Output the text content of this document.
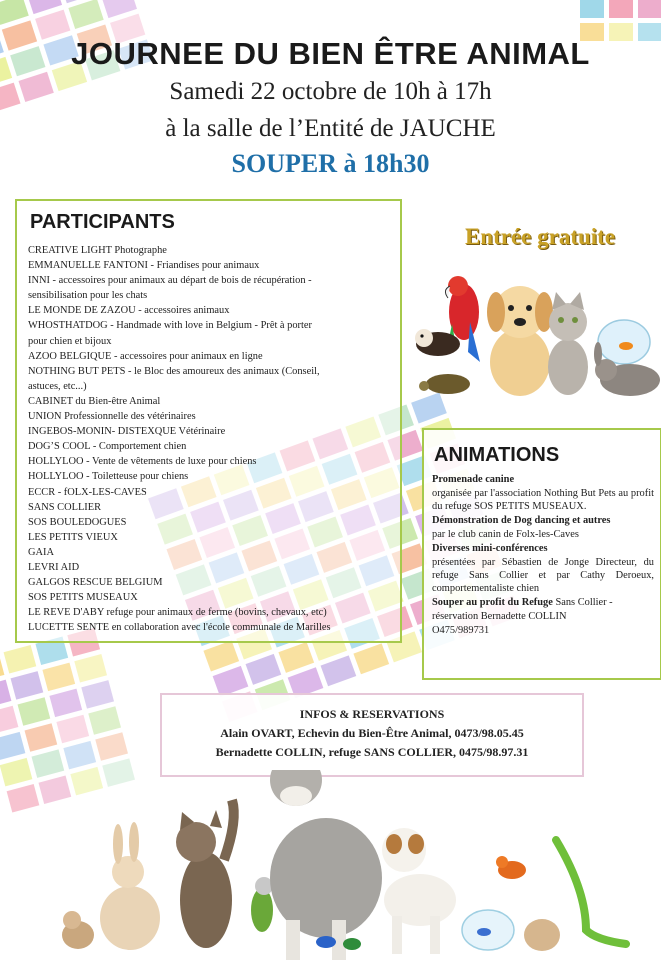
JOURNEE DU BIEN ÊTRE ANIMAL
Samedi 22 octobre de 10h à 17h
à la salle de l’Entité de JAUCHE
SOUPER à 18h30
PARTICIPANTS
CREATIVE LIGHT Photographe
EMMANUELLE FANTONI - Friandises pour animaux
INNI - accessoires pour animaux au départ de bois de récupération -
sensibilisation pour les chats
LE MONDE DE ZAZOU - accessoires animaux
WHOSTHATDOG - Handmade with love in Belgium - Prêt à porter
pour chien et bijoux
AZOO BELGIQUE - accessoires pour animaux en ligne
NOTHING BUT PETS - le Bloc des amoureux des animaux (Conseil,
astuces, etc...)
CABINET du Bien-être Animal
UNION Professionnelle des vétérinaires
INGEBOS-MONIN- DISTEXQUE Vétérinaire
DOG’S COOL - Comportement chien
HOLLYLOO - Vente de vêtements de luxe pour chiens
HOLLYLOO - Toiletteuse pour chiens
ECCR - fOLX-LES-CAVES
SANS COLLIER
SOS BOULEDOGUES
LES PETITS VIEUX
GAIA
LEVRI AID
GALGOS RESCUE BELGIUM
SOS PETITS MUSEAUX
LE REVE D'ABY refuge pour animaux de ferme (bovins, chevaux, etc)
LUCETTE SENTE en collaboration avec l'école communale de Marilles
Entrée gratuite
ANIMATIONS

Promenade canine

organisée par l'association Nothing But Pets au profit du refuge SOS PETITS MUSEAUX.

Démonstration de Dog dancing et autres

par le club canin de Folx-les-Caves

Diverses mini-conférences

présentées par Sébastien de Jonge Directeur, du refuge Sans Collier et par Cathy Deroeux, comportementaliste chien

Souper au profit du Refuge Sans Collier -

réservation Bernadette COLLIN

O475/989731

INFOS & RESERVATIONS

Alain OVART, Echevin du Bien-Être Animal, 0473/98.05.45

Bernadette COLLIN, refuge SANS COLLIER, 0475/98.97.31
